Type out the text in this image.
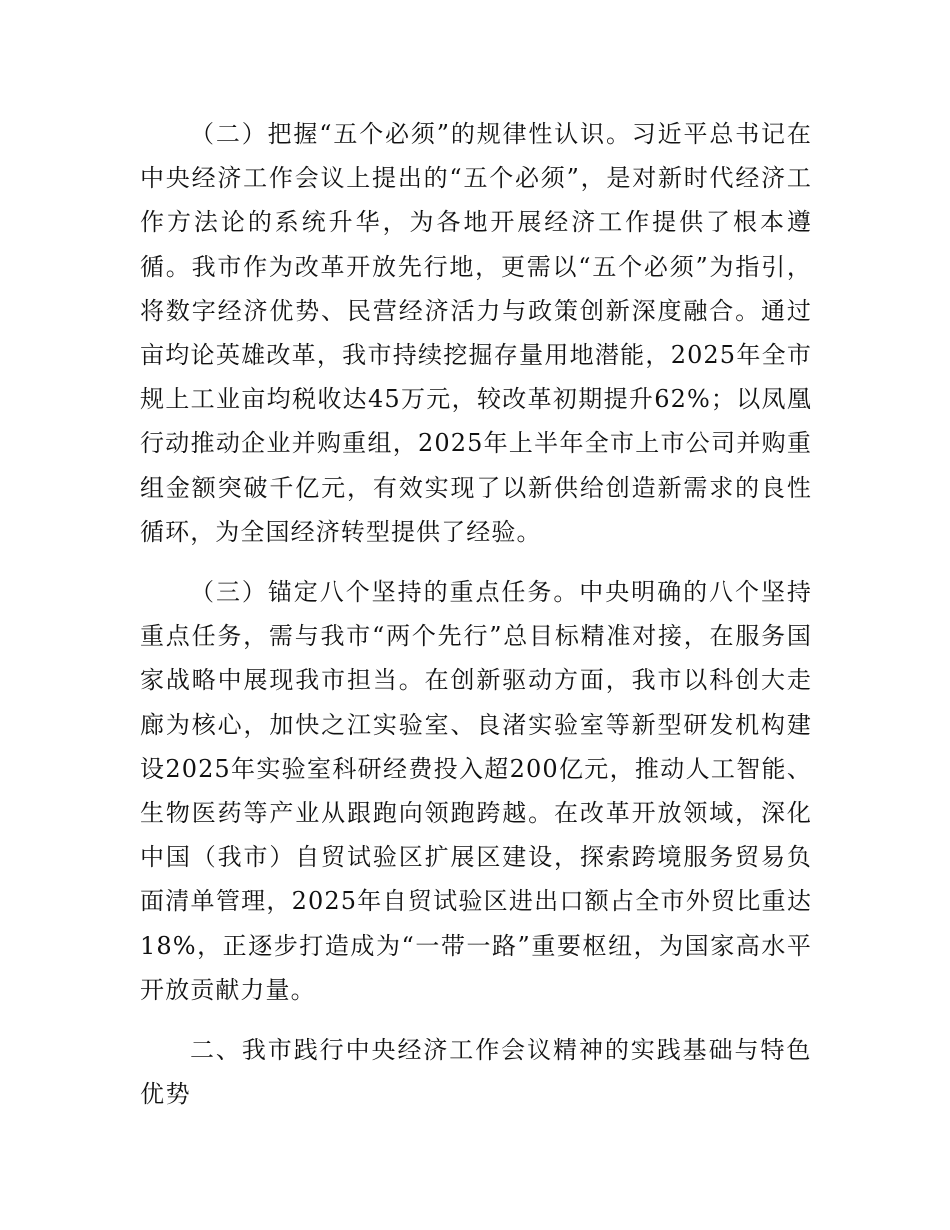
（二）把握“五个必须”的规律性认识。习近平总书记在中央经济工作会议上提出的“五个必须”，是对新时代经济工作方法论的系统升华，为各地开展经济工作提供了根本遵循。我市作为改革开放先行地，更需以“五个必须”为指引，将数字经济优势、民营经济活力与政策创新深度融合。通过亩均论英雄改革，我市持续挖掘存量用地潜能，2025年全市规上工业亩均税收达45万元，较改革初期提升62%；以凤凰行动推动企业并购重组，2025年上半年全市上市公司并购重组金额突破千亿元，有效实现了以新供给创造新需求的良性循环，为全国经济转型提供了经验。

（三）锚定八个坚持的重点任务。中央明确的八个坚持重点任务，需与我市“两个先行”总目标精准对接，在服务国家战略中展现我市担当。在创新驱动方面，我市以科创大走廊为核心，加快之江实验室、良渚实验室等新型研发机构建设2025年实验室科研经费投入超200亿元，推动人工智能、生物医药等产业从跟跑向领跑跨越。在改革开放领域，深化中国（我市）自贸试验区扩展区建设，探索跨境服务贸易负面清单管理，2025年自贸试验区进出口额占全市外贸比重达18%，正逐步打造成为“一带一路”重要枢纽，为国家高水平开放贡献力量。

二、我市践行中央经济工作会议精神的实践基础与特色优势
